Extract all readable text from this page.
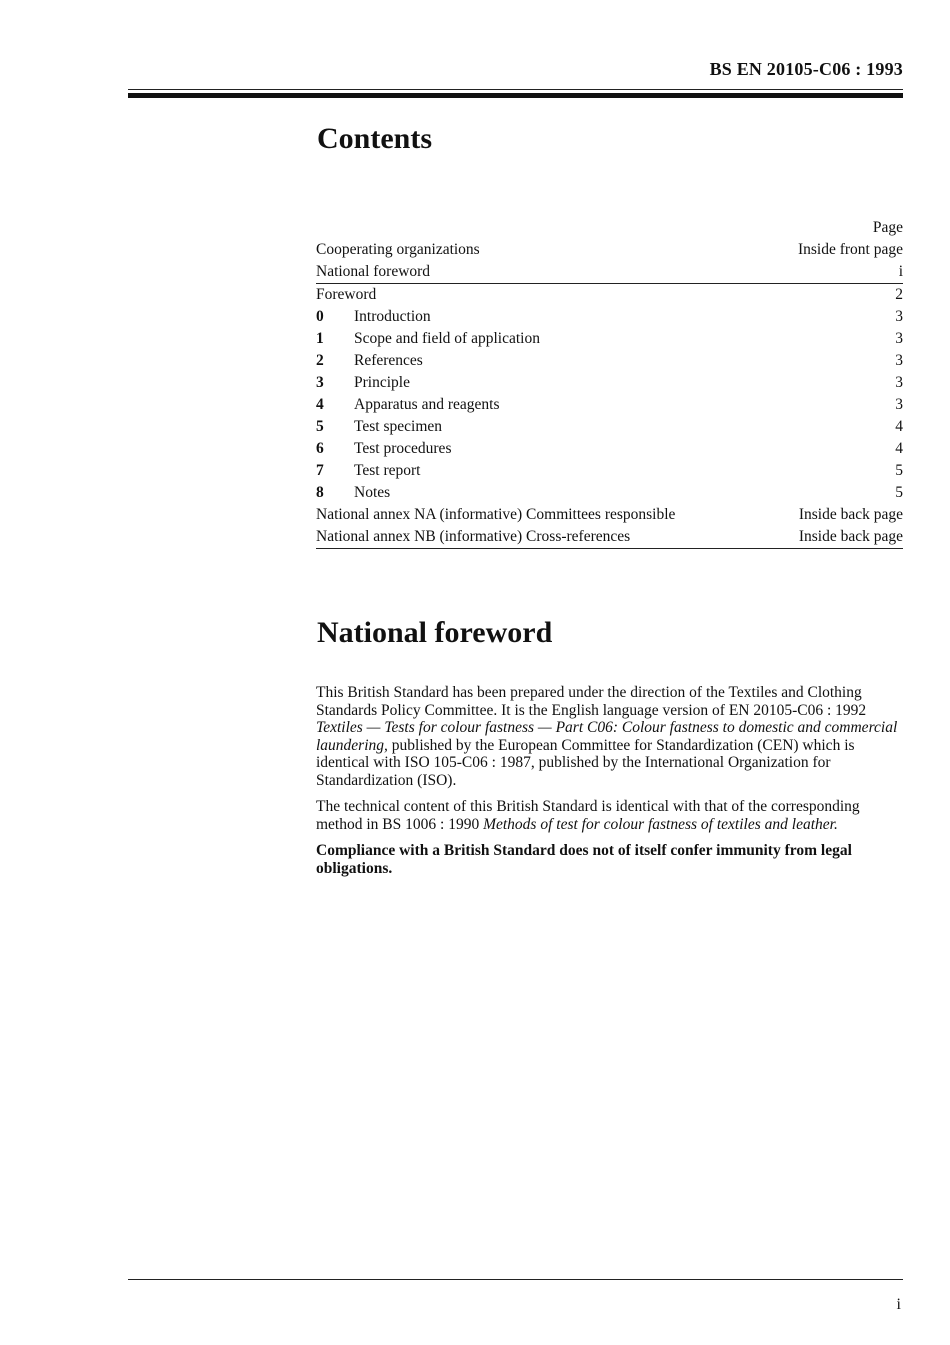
BS EN 20105-C06 : 1993
Contents
Page
Cooperating organizations	Inside front page
National foreword	i
Foreword	2
0	Introduction	3
1	Scope and field of application	3
2	References	3
3	Principle	3
4	Apparatus and reagents	3
5	Test specimen	4
6	Test procedures	4
7	Test report	5
8	Notes	5
National annex NA (informative) Committees responsible	Inside back page
National annex NB (informative) Cross-references	Inside back page
National foreword

This British Standard has been prepared under the direction of the Textiles and Clothing Standards Policy Committee. It is the English language version of EN 20105-C06 : 1992 Textiles — Tests for colour fastness — Part C06: Colour fastness to domestic and commercial laundering, published by the European Committee for Standardization (CEN) which is identical with ISO 105-C06 : 1987, published by the International Organization for Standardization (ISO).

The technical content of this British Standard is identical with that of the corresponding method in BS 1006 : 1990 Methods of test for colour fastness of textiles and leather.

Compliance with a British Standard does not of itself confer immunity from legal obligations.

i
